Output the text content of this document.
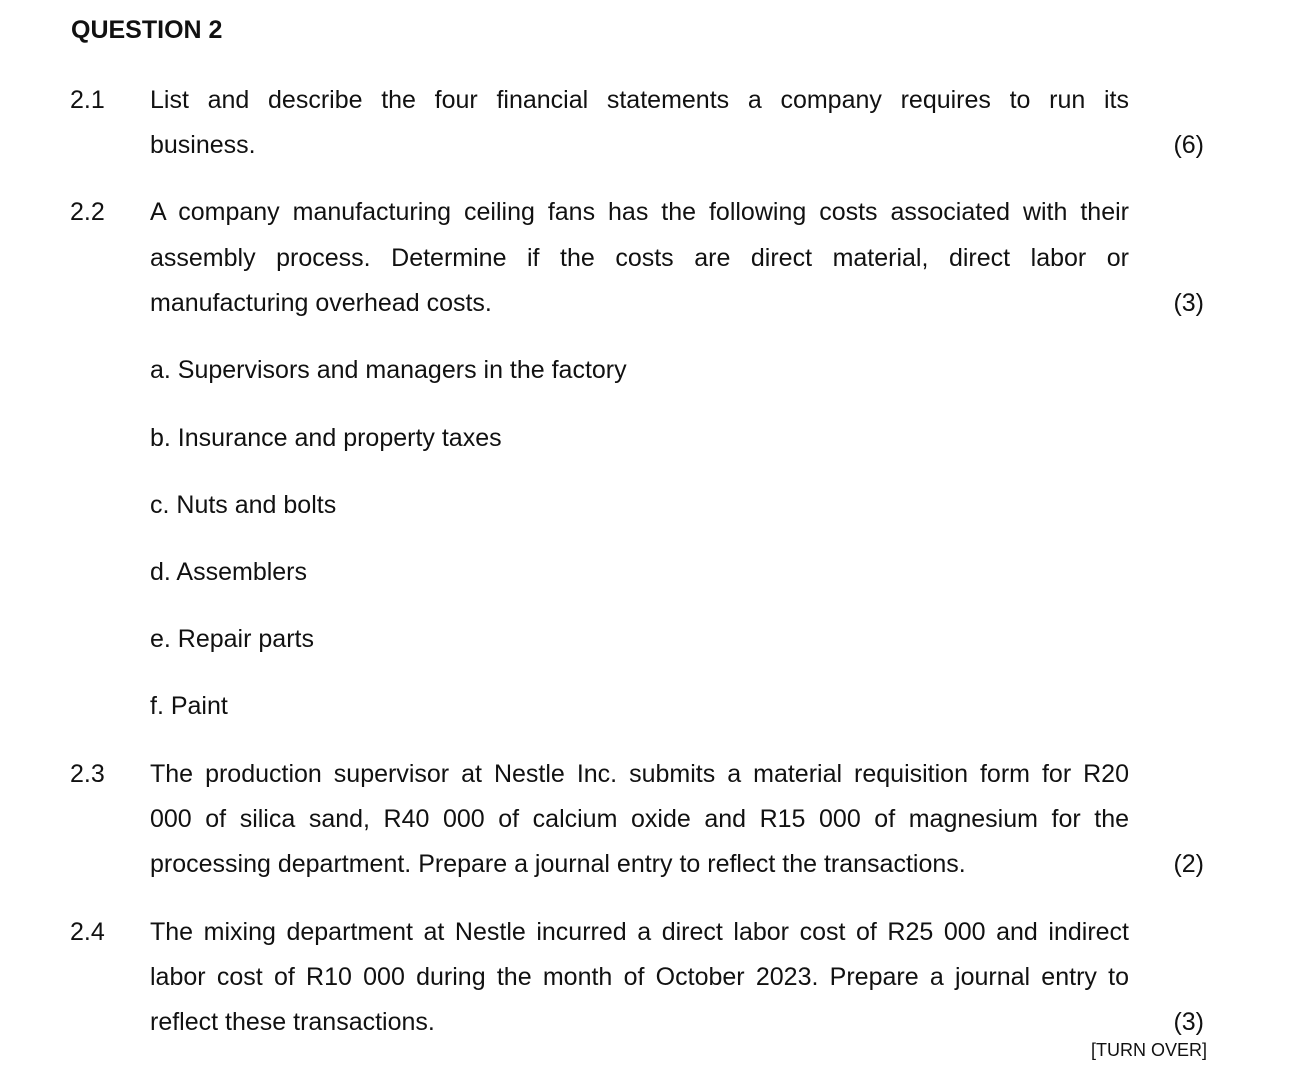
QUESTION 2
2.1 List and describe the four financial statements a company requires to run its
business.	(6)
2.2 A company manufacturing ceiling fans has the following costs associated with their
assembly process. Determine if the costs are direct material, direct labor or
manufacturing overhead costs.	(3)
a. Supervisors and managers in the factory
b. Insurance and property taxes
c. Nuts and bolts
d. Assemblers
e. Repair parts
f. Paint
2.3 The production supervisor at Nestle Inc. submits a material requisition form for R20
000 of silica sand, R40 000 of calcium oxide and R15 000 of magnesium for the
processing department. Prepare a journal entry to reflect the transactions.	(2)
2.4 The mixing department at Nestle incurred a direct labor cost of R25 000 and indirect
labor cost of R10 000 during the month of October 2023. Prepare a journal entry to
reflect these transactions.	(3)
[TURN OVER]
